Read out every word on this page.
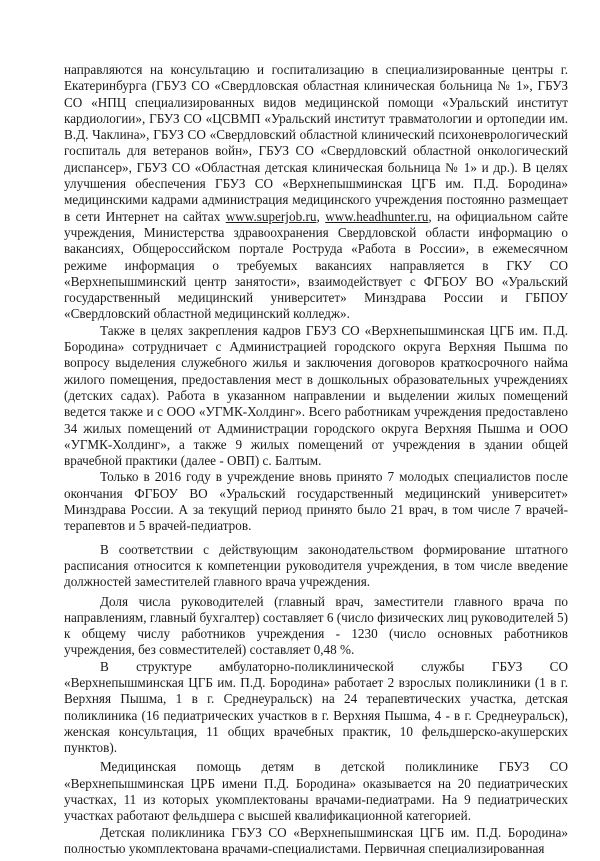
направляются на консультацию и госпитализацию в специализированные центры г. Екатеринбурга (ГБУЗ СО «Свердловская областная клиническая больница № 1», ГБУЗ СО «НПЦ специализированных видов медицинской помощи «Уральский институт кардиологии», ГБУЗ СО «ЦСВМП «Уральский институт травматологии и ортопедии им. В.Д. Чаклина», ГБУЗ СО «Свердловский областной клинический психоневрологический госпиталь для ветеранов войн», ГБУЗ СО «Свердловский областной онкологический диспансер», ГБУЗ СО «Областная детская клиническая больница № 1» и др.). В целях улучшения обеспечения ГБУЗ СО «Верхнепышминская ЦГБ им. П.Д. Бородина» медицинскими кадрами администрация медицинского учреждения постоянно размещает в сети Интернет на сайтах www.superjob.ru, www.headhunter.ru, на официальном сайте учреждения, Министерства здравоохранения Свердловской области информацию о вакансиях, Общероссийском портале Роструда «Работа в России», в ежемесячном режиме информация о требуемых вакансиях направляется в ГКУ СО «Верхнепышминский центр занятости», взаимодействует с ФГБОУ ВО «Уральский государственный медицинский университет» Минздрава России и ГБПОУ «Свердловский областной медицинский колледж».

Также в целях закрепления кадров ГБУЗ СО «Верхнепышминская ЦГБ им. П.Д. Бородина» сотрудничает с Администрацией городского округа Верхняя Пышма по вопросу выделения служебного жилья и заключения договоров краткосрочного найма жилого помещения, предоставления мест в дошкольных образовательных учреждениях (детских садах). Работа в указанном направлении и выделении жилых помещений ведется также и с ООО «УГМК-Холдинг». Всего работникам учреждения предоставлено 34 жилых помещений от Администрации городского округа Верхняя Пышма и ООО «УГМК-Холдинг», а также 9 жилых помещений от учреждения в здании общей врачебной практики (далее - ОВП) с. Балтым.

Только в 2016 году в учреждение вновь принято 7 молодых специалистов после окончания ФГБОУ ВО «Уральский государственный медицинский университет» Минздрава России. А за текущий период принято было 21 врач, в том числе 7 врачей-терапевтов и 5 врачей-педиатров.

В соответствии с действующим законодательством формирование штатного расписания относится к компетенции руководителя учреждения, в том числе введение должностей заместителей главного врача учреждения.

Доля числа руководителей (главный врач, заместители главного врача по направлениям, главный бухгалтер) составляет 6 (число физических лиц руководителей 5) к общему числу работников учреждения - 1230 (число основных работников учреждения, без совместителей) составляет 0,48 %.

В структуре амбулаторно-поликлинической службы ГБУЗ СО «Верхнепышминская ЦГБ им. П.Д. Бородина» работает 2 взрослых поликлиники (1 в г. Верхняя Пышма, 1 в г. Среднеуральск) на 24 терапевтических участка, детская поликлиника (16 педиатрических участков в г. Верхняя Пышма, 4 - в г. Среднеуральск), женская консультация, 11 общих врачебных практик, 10 фельдшерско-акушерских пунктов).

Медицинская помощь детям в детской поликлинике ГБУЗ СО «Верхнепышминская ЦРБ имени П.Д. Бородина» оказывается на 20 педиатрических участках, 11 из которых укомплектованы врачами-педиатрами. На 9 педиатрических участках работают фельдшера с высшей квалификационной категорией.

Детская поликлиника ГБУЗ СО «Верхнепышминская ЦГБ им. П.Д. Бородина» полностью укомплектована врачами-специалистами. Первичная специализированная
